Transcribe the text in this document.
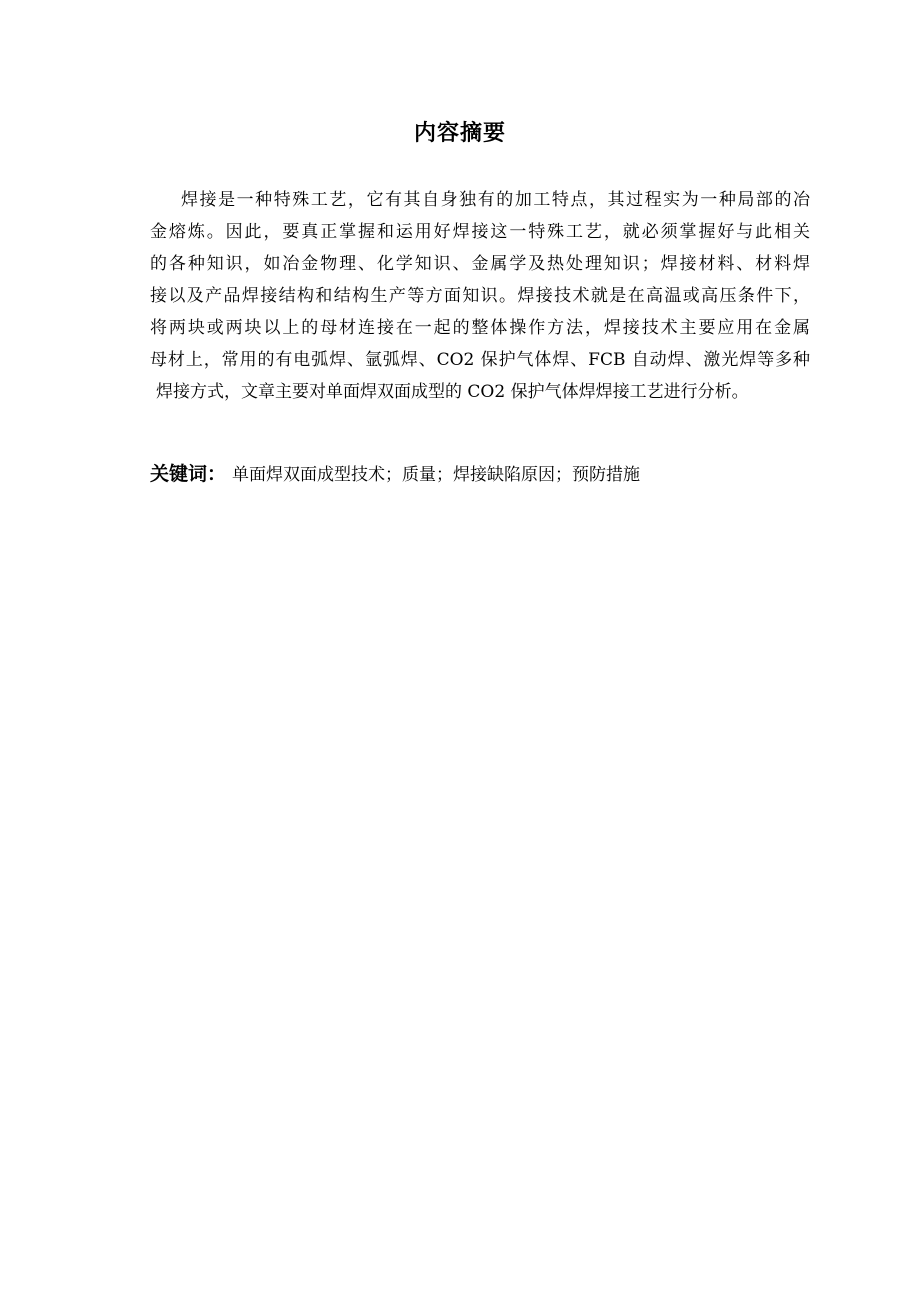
内容摘要
焊接是一种特殊工艺，它有其自身独有的加工特点，其过程实为一种局部的冶
金熔炼。因此，要真正掌握和运用好焊接这一特殊工艺，就必须掌握好与此相关
的各种知识，如冶金物理、化学知识、金属学及热处理知识；焊接材料、材料焊
接以及产品焊接结构和结构生产等方面知识。焊接技术就是在高温或高压条件下，
将两块或两块以上的母材连接在一起的整体操作方法，焊接技术主要应用在金属
母材上，常用的有电弧焊、氩弧焊、CO2 保护气体焊、FCB 自动焊、激光焊等多种
焊接方式，文章主要对单面焊双面成型的 CO2 保护气体焊焊接工艺进行分析。
关键词： 单面焊双面成型技术；质量；焊接缺陷原因；预防措施
